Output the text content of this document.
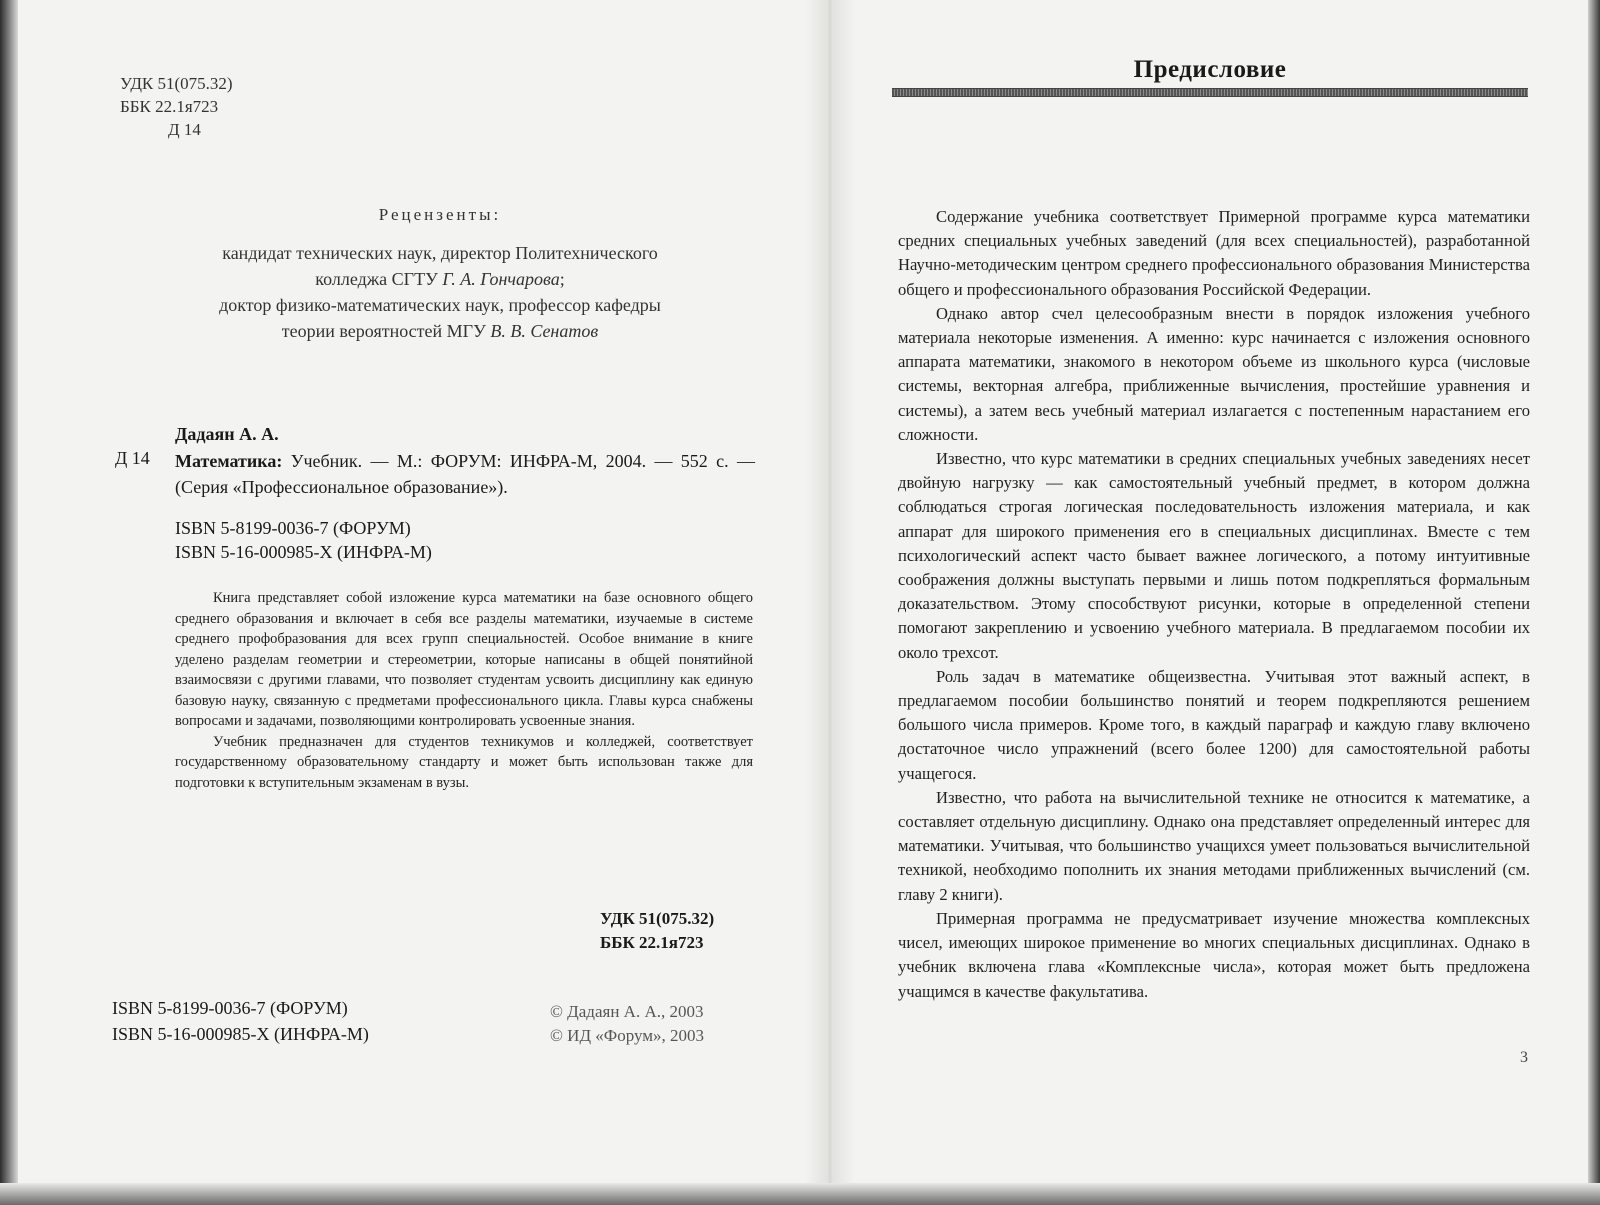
УДК 51(075.32)
ББК 22.1я723
Д 14
Рецензенты:
кандидат технических наук, директор Политехнического
колледжа СГТУ Г. А. Гончарова;
доктор физико-математических наук, профессор кафедры
теории вероятностей МГУ В. В. Сенатов
Дадаян А. А.
Д 14 Математика: Учебник. — М.: ФОРУМ: ИНФРА-М, 2004. — 552 с. — (Серия «Профессиональное образование»).
ISBN 5-8199-0036-7 (ФОРУМ)
ISBN 5-16-000985-X (ИНФРА-М)

Книга представляет собой изложение курса математики на базе основного общего среднего образования и включает в себя все разделы математики, изучаемые в системе среднего профобразования для всех групп специальностей. Особое внимание в книге уделено разделам геометрии и стереометрии, которые написаны в общей понятийной взаимосвязи с другими главами, что позволяет студентам усвоить дисциплину как единую базовую науку, связанную с предметами профессионального цикла. Главы курса снабжены вопросами и задачами, позволяющими контролировать усвоенные знания.

Учебник предназначен для студентов техникумов и колледжей, соответствует государственному образовательному стандарту и может быть использован также для подготовки к вступительным экзаменам в вузы.

УДК 51(075.32)
ББК 22.1я723
ISBN 5-8199-0036-7 (ФОРУМ)
ISBN 5-16-000985-X (ИНФРА-М)
© Дадаян А. А., 2003
© ИД «Форум», 2003
Предисловие

Содержание учебника соответствует Примерной программе курса математики средних специальных учебных заведений (для всех специальностей), разработанной Научно-методическим центром среднего профессионального образования Министерства общего и профессионального образования Российской Федерации.

Однако автор счел целесообразным внести в порядок изложения учебного материала некоторые изменения. А именно: курс начинается с изложения основного аппарата математики, знакомого в некотором объеме из школьного курса (числовые системы, векторная алгебра, приближенные вычисления, простейшие уравнения и системы), а затем весь учебный материал излагается с постепенным нарастанием его сложности.

Известно, что курс математики в средних специальных учебных заведениях несет двойную нагрузку — как самостоятельный учебный предмет, в котором должна соблюдаться строгая логическая последовательность изложения материала, и как аппарат для широкого применения его в специальных дисциплинах. Вместе с тем психологический аспект часто бывает важнее логического, а потому интуитивные соображения должны выступать первыми и лишь потом подкрепляться формальным доказательством. Этому способствуют рисунки, которые в определенной степени помогают закреплению и усвоению учебного материала. В предлагаемом пособии их около трехсот.

Роль задач в математике общеизвестна. Учитывая этот важный аспект, в предлагаемом пособии большинство понятий и теорем подкрепляются решением большого числа примеров. Кроме того, в каждый параграф и каждую главу включено достаточное число упражнений (всего более 1200) для самостоятельной работы учащегося.

Известно, что работа на вычислительной технике не относится к математике, а составляет отдельную дисциплину. Однако она представляет определенный интерес для математики. Учитывая, что большинство учащихся умеет пользоваться вычислительной техникой, необходимо пополнить их знания методами приближенных вычислений (см. главу 2 книги).

Примерная программа не предусматривает изучение множества комплексных чисел, имеющих широкое применение во многих специальных дисциплинах. Однако в учебник включена глава «Комплексные числа», которая может быть предложена учащимся в качестве факультатива.

3
